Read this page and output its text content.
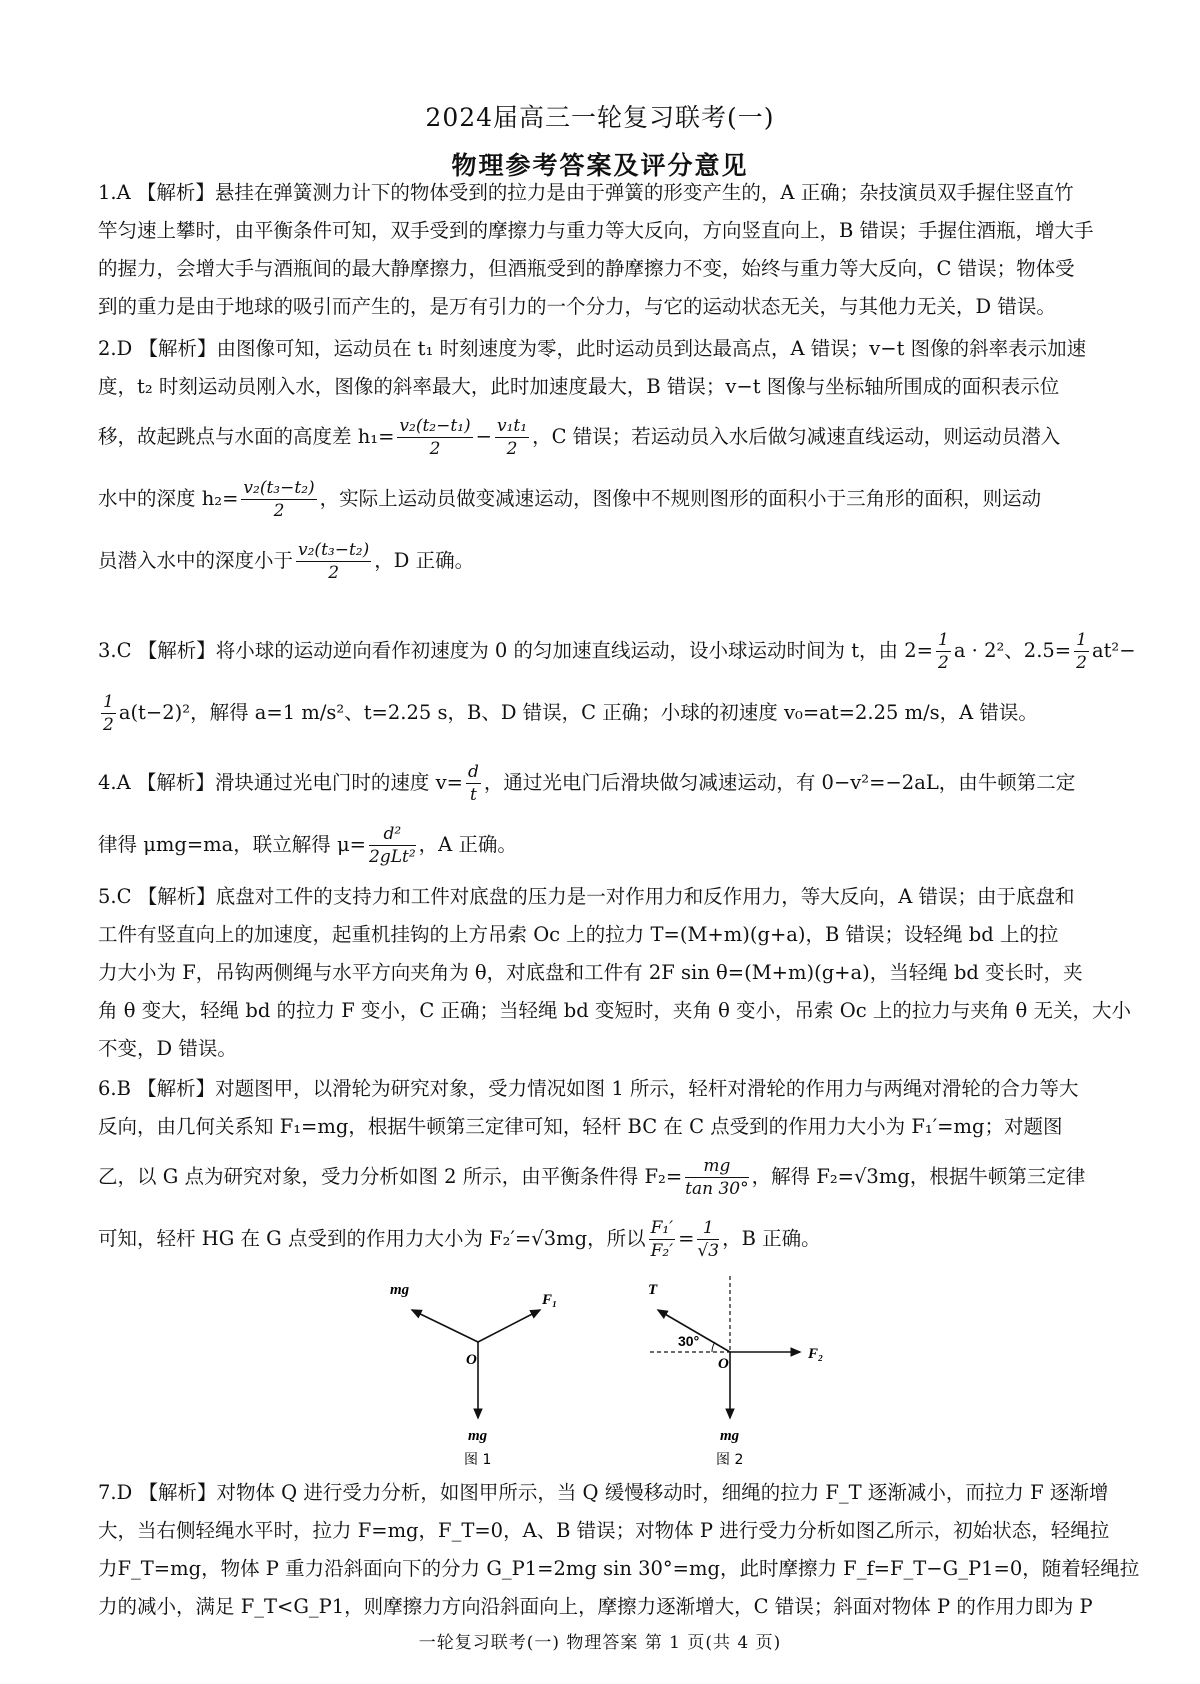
2024届高三一轮复习联考(一)
物理参考答案及评分意见
1.A 【解析】悬挂在弹簧测力计下的物体受到的拉力是由于弹簧的形变产生的，A 正确；杂技演员双手握住竖直竹
竿匀速上攀时，由平衡条件可知，双手受到的摩擦力与重力等大反向，方向竖直向上，B 错误；手握住酒瓶，增大手
的握力，会增大手与酒瓶间的最大静摩擦力，但酒瓶受到的静摩擦力不变，始终与重力等大反向，C 错误；物体受
到的重力是由于地球的吸引而产生的，是万有引力的一个分力，与它的运动状态无关，与其他力无关，D 错误。
2.D 【解析】由图像可知，运动员在 t₁ 时刻速度为零，此时运动员到达最高点，A 错误；v−t 图像的斜率表示加速
度，t₂ 时刻运动员刚入水，图像的斜率最大，此时加速度最大，B 错误；v−t 图像与坐标轴所围成的面积表示位
移，故起跳点与水面的高度差 $h_1= \frac{\text{v₂(t₂−t₁)}}{2} - \frac{\text{v₁t₁}}{2}$ ，C 错误；若运动员入水后做匀减速直线运动，则运动员潜入
水中的深度 $h_2= \frac{\text{v₂(t₃−t₂)}}{2}$ ，实际上运动员做变减速运动，图像中不规则图形的面积小于三角形的面积，则运动
员潜入水中的深度小于 $\frac{\text{v₂(t₃−t₂)}}{2}$ ，D 正确。
3.C 【解析】将小球的运动逆向看作初速度为 0 的匀加速直线运动，设小球运动时间为 t，由 $2= \frac{1}{2}$ a · 2²、$2.5= \frac{1}{2} at^2-$
$\frac{1}{2} a(t-2)^2$，解得 a=1 m/s²、t=2.25 s，B、D 错误，C 正确；小球的初速度 v₀=at=2.25 m/s，A 错误。
4.A 【解析】滑块通过光电门时的速度 $v= \frac{d}{t}$ ，通过光电门后滑块做匀减速运动，有 0−v²=−2aL，由牛顿第二定
律得 μmg=ma，联立解得 $\mu= \frac{\text{d²}}{\text{2gLt²}}$ ，A 正确。
5.C 【解析】底盘对工件的支持力和工件对底盘的压力是一对作用力和反作用力，等大反向，A 错误；由于底盘和
工件有竖直向上的加速度，起重机挂钩的上方吊索 Oc 上的拉力 T=(M+m)(g+a)，B 错误；设轻绳 bd 上的拉
力大小为 F，吊钩两侧绳与水平方向夹角为 θ，对底盘和工件有 2F sin θ=(M+m)(g+a)，当轻绳 bd 变长时，夹
角 θ 变大，轻绳 bd 的拉力 F 变小，C 正确；当轻绳 bd 变短时，夹角 θ 变小，吊索 Oc 上的拉力与夹角 θ 无关，大小
不变，D 错误。
6.B 【解析】对题图甲，以滑轮为研究对象，受力情况如图 1 所示，轻杆对滑轮的作用力与两绳对滑轮的合力等大
反向，由几何关系知 F₁=mg，根据牛顿第三定律可知，轻杆 BC 在 C 点受到的作用力大小为 F₁′=mg；对题图
乙，以 G 点为研究对象，受力分析如图 2 所示，由平衡条件得 $F_2= \frac{mg}{\tan 30^\circ}$ ，解得 F₂=√3mg，根据牛顿第三定律
可知，轻杆 HG 在 G 点受到的作用力大小为 F₂′=√3mg，所以 $\frac{\text{F₁′}}{\text{F₂′}} = \frac{1}{√3}$ ，B 正确。
mg
F₁
O
mg
图 1
T
30°
O
F₂
mg
图 2
7.D 【解析】对物体 Q 进行受力分析，如图甲所示，当 Q 缓慢移动时，细绳的拉力 F_T 逐渐减小，而拉力 F 逐渐增
大，当右侧轻绳水平时，拉力 F=mg，F_T=0，A、B 错误；对物体 P 进行受力分析如图乙所示，初始状态，轻绳拉
力F_T=mg，物体 P 重力沿斜面向下的分力 G_P1=2mg sin 30°=mg，此时摩擦力 F_f=F_T−G_P1=0，随着轻绳拉
力的减小，满足 F_T<G_P1，则摩擦力方向沿斜面向上，摩擦力逐渐增大，C 错误；斜面对物体 P 的作用力即为 P
一轮复习联考(一) 物理答案 第 1 页(共 4 页)
